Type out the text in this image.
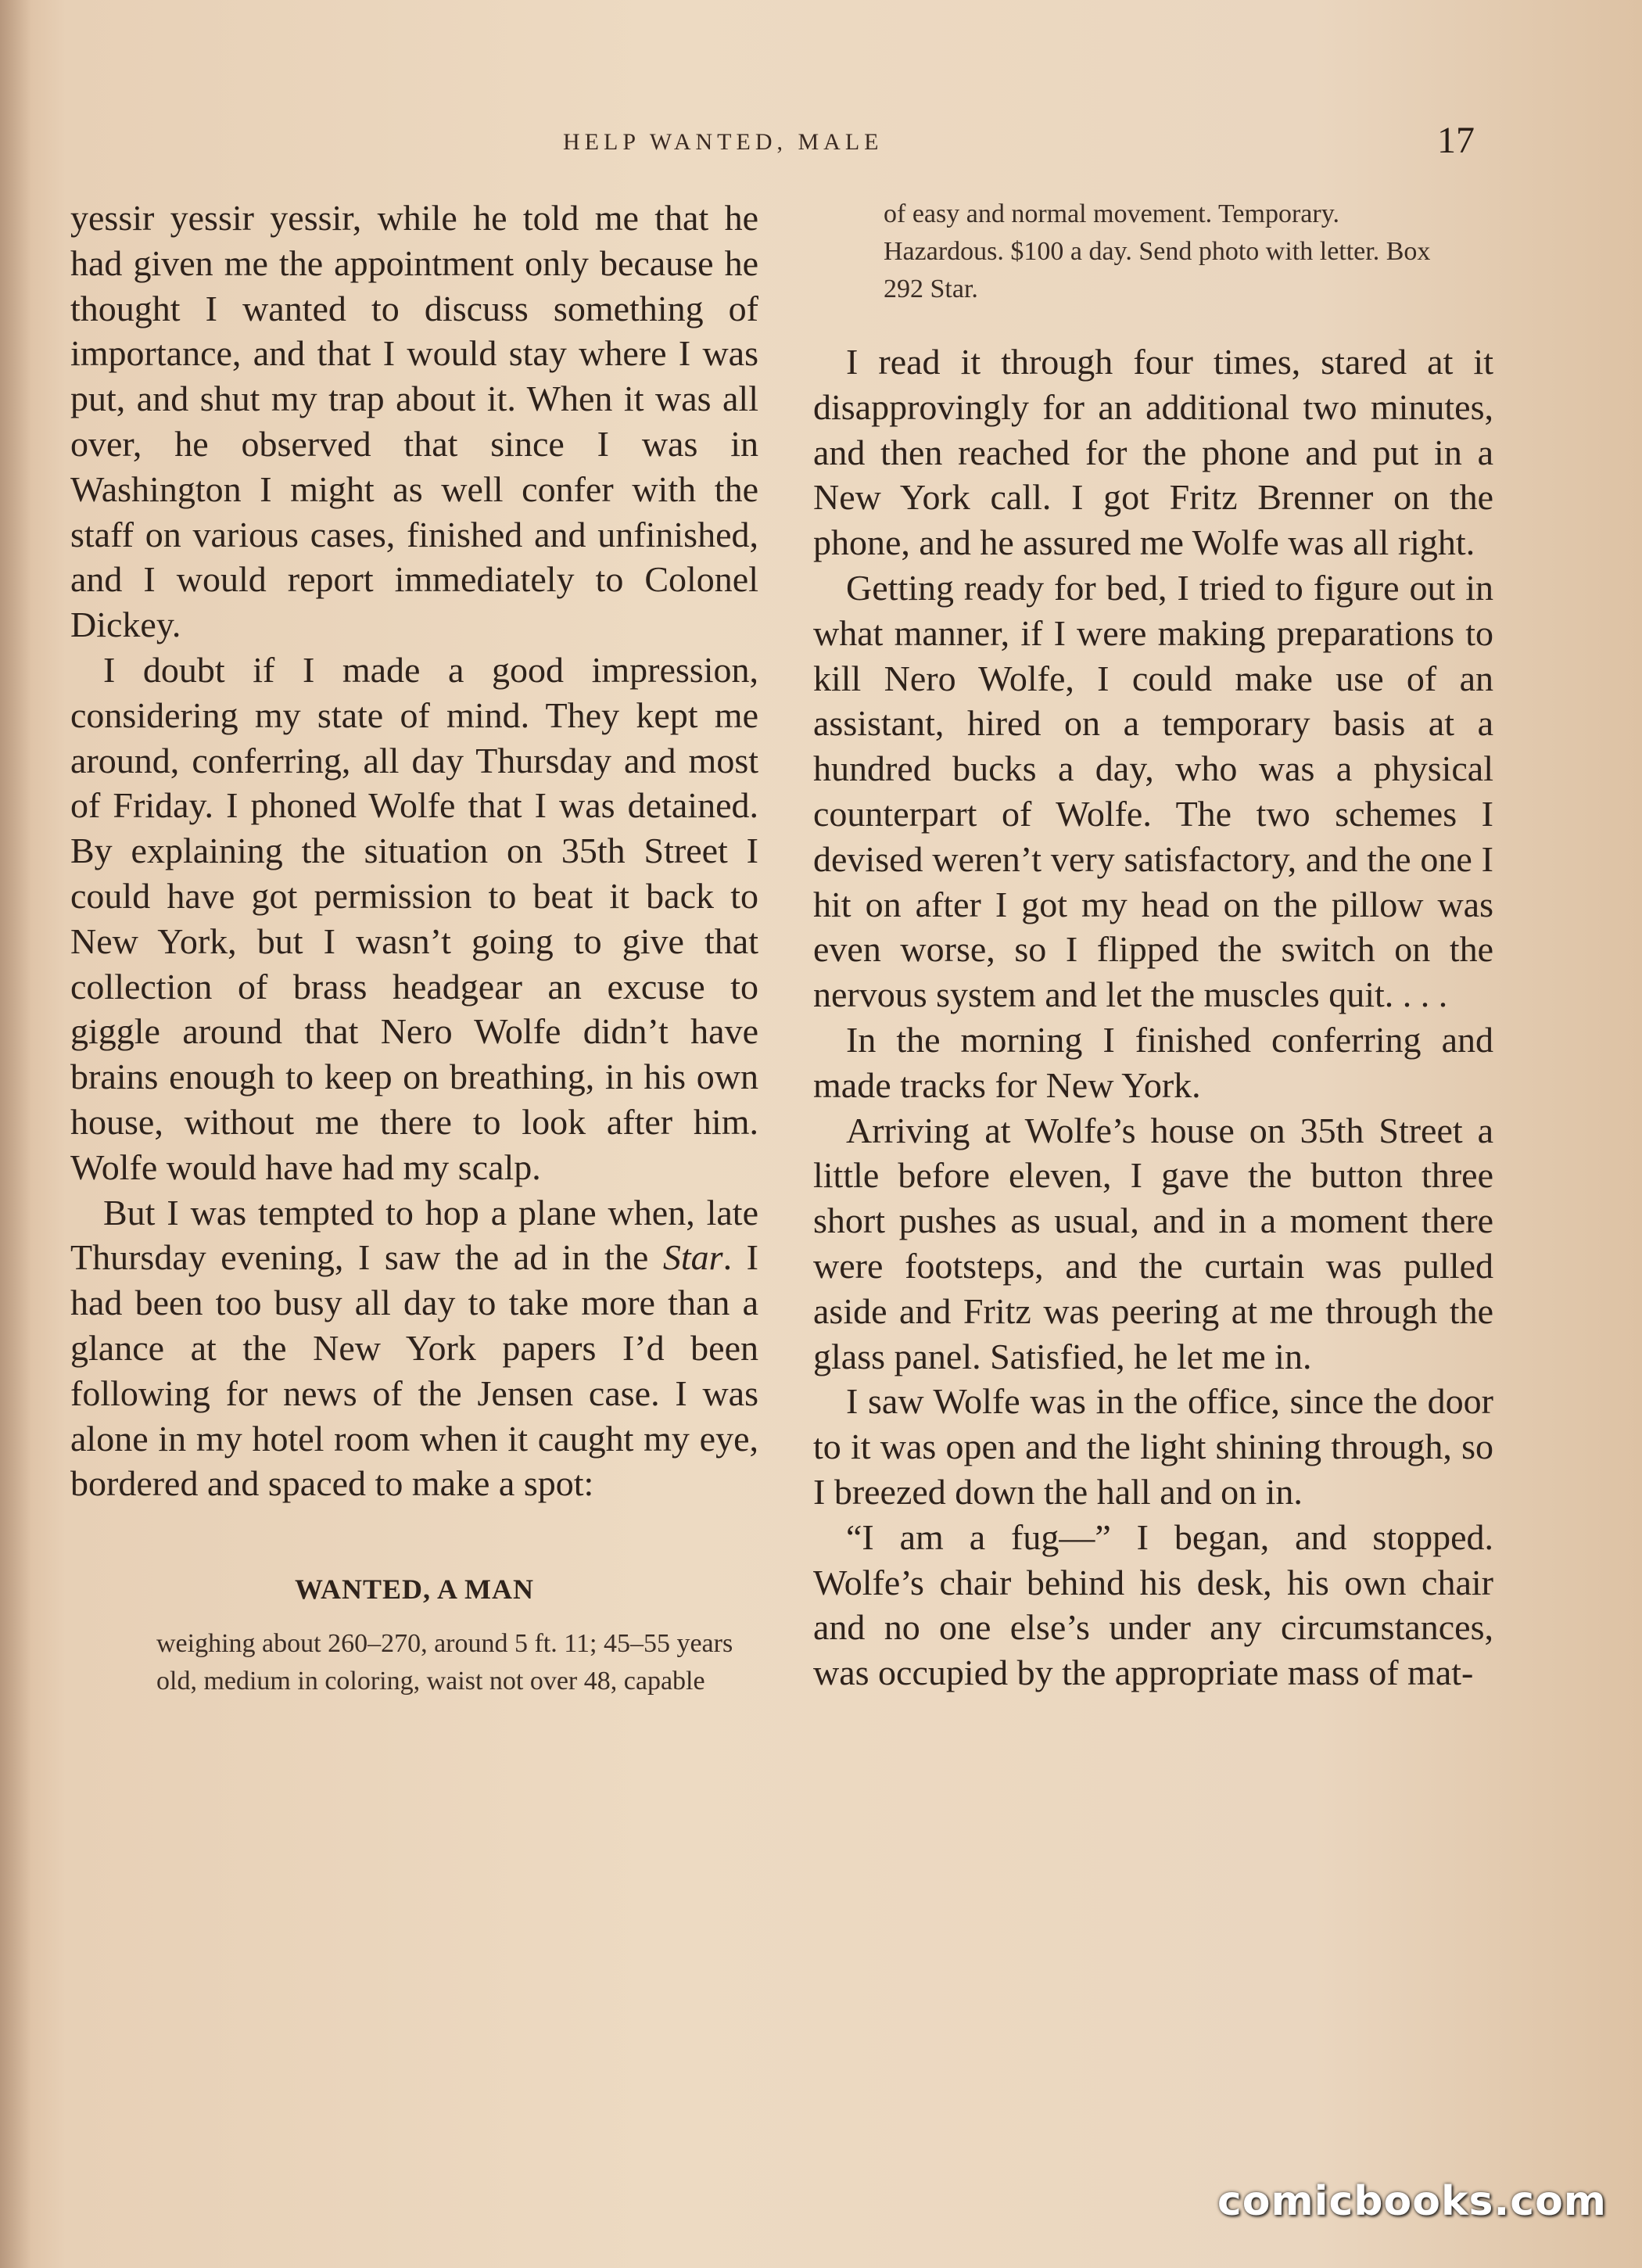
HELP WANTED, MALE	17

yessir yessir yessir, while he told me that he had given me the appointment only because he thought I wanted to discuss something of importance, and that I would stay where I was put, and shut my trap about it. When it was all over, he observed that since I was in Washington I might as well confer with the staff on various cases, finished and unfinished, and I would report immediately to Colonel Dickey.

I doubt if I made a good impression, considering my state of mind. They kept me around, conferring, all day Thursday and most of Friday. I phoned Wolfe that I was detained. By explaining the situation on 35th Street I could have got permission to beat it back to New York, but I wasn’t going to give that collection of brass headgear an excuse to giggle around that Nero Wolfe didn’t have brains enough to keep on breathing, in his own house, without me there to look after him. Wolfe would have had my scalp.

But I was tempted to hop a plane when, late Thursday evening, I saw the ad in the Star. I had been too busy all day to take more than a glance at the New York papers I’d been following for news of the Jensen case. I was alone in my hotel room when it caught my eye, bordered and spaced to make a spot:

WANTED, A MAN
weighing about 260–270, around 5 ft. 11; 45–55 years old, medium in coloring, waist not over 48, capable
of easy and normal movement. Temporary. Hazardous. $100 a day. Send photo with letter. Box 292 Star.

I read it through four times, stared at it disapprovingly for an additional two minutes, and then reached for the phone and put in a New York call. I got Fritz Brenner on the phone, and he assured me Wolfe was all right.

Getting ready for bed, I tried to figure out in what manner, if I were making preparations to kill Nero Wolfe, I could make use of an assistant, hired on a temporary basis at a hundred bucks a day, who was a physical counterpart of Wolfe. The two schemes I devised weren’t very satisfactory, and the one I hit on after I got my head on the pillow was even worse, so I flipped the switch on the nervous system and let the muscles quit. . . .

In the morning I finished conferring and made tracks for New York.

Arriving at Wolfe’s house on 35th Street a little before eleven, I gave the button three short pushes as usual, and in a moment there were footsteps, and the curtain was pulled aside and Fritz was peering at me through the glass panel. Satisfied, he let me in.

I saw Wolfe was in the office, since the door to it was open and the light shining through, so I breezed down the hall and on in.

“I am a fug—” I began, and stopped. Wolfe’s chair behind his desk, his own chair and no one else’s under any circumstances, was occupied by the appropriate mass of mat-

comicbooks.com
